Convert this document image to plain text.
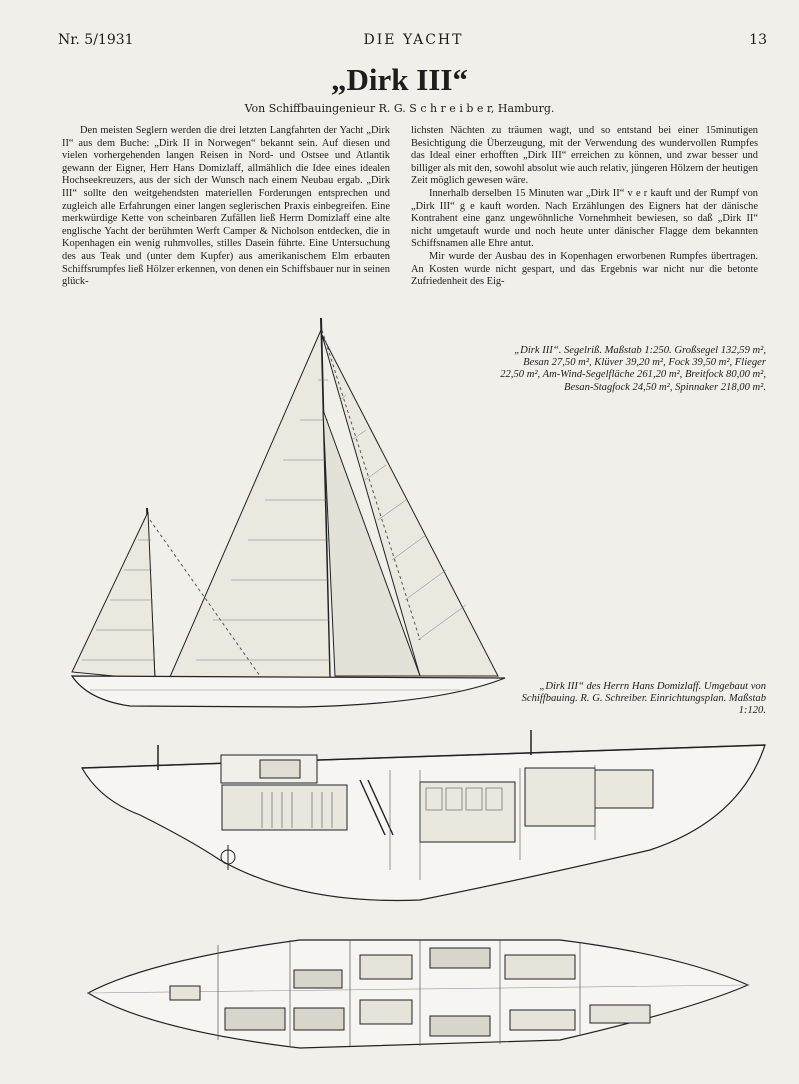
Nr. 5/1931	DIE YACHT	13
„Dirk III“
Von Schiffbauingenieur R. G. S c h r e i b e r, Hamburg.

Den meisten Seglern werden die drei letzten Langfahrten der Yacht „Dirk II“ aus dem Buche: „Dirk II in Norwegen“ bekannt sein. Auf diesen und vielen vorhergehenden langen Reisen in Nord- und Ostsee und Atlantik gewann der Eigner, Herr Hans Domizlaff, allmählich die Idee eines idealen Hochseekreuzers, aus der sich der Wunsch nach einem Neubau ergab. „Dirk III“ sollte den weitgehendsten materiellen Forderungen entsprechen und zugleich alle Erfahrungen einer langen seglerischen Praxis einbegreifen. Eine merkwürdige Kette von scheinbaren Zufällen ließ Herrn Domizlaff eine alte englische Yacht der berühmten Werft Camper & Nicholson entdecken, die in Kopenhagen ein wenig ruhmvolles, stilles Dasein führte. Eine Untersuchung des aus Teak und (unter dem Kupfer) aus amerikanischem Elm erbauten Schiffsrumpfes ließ Hölzer erkennen, von denen ein Schiffsbauer nur in seinen glück-

lichsten Nächten zu träumen wagt, und so entstand bei einer 15minutigen Besichtigung die Überzeugung, mit der Verwendung des wundervollen Rumpfes das Ideal einer erhofften „Dirk III“ erreichen zu können, und zwar besser und billiger als mit den, sowohl absolut wie auch relativ, jüngeren Hölzern der heutigen Zeit möglich gewesen wäre.

Innerhalb derselben 15 Minuten war „Dirk II“ v e r kauft und der Rumpf von „Dirk III“ g e kauft worden. Nach Erzählungen des Eigners hat der dänische Kontrahent eine ganz ungewöhnliche Vornehmheit bewiesen, so daß „Dirk II“ nicht umgetauft wurde und noch heute unter dänischer Flagge dem bekannten Schiffsnamen alle Ehre antut.

Mir wurde der Ausbau des in Kopenhagen erworbenen Rumpfes übertragen. An Kosten wurde nicht gespart, und das Ergebnis war nicht nur die betonte Zufriedenheit des Eig-

„Dirk III“. Segelriß. Maßstab 1:250. Großsegel 132,59 m², Besan 27,50 m², Klüver 39,20 m², Fock 39,50 m², Flieger 22,50 m², Am-Wind-Segelfläche 261,20 m², Breitfock 80,00 m², Besan-Stagfock 24,50 m², Spinnaker 218,00 m².
„Dirk III“ des Herrn Hans Domizlaff. Umgebaut von Schiffbauing. R. G. Schreiber. Einrichtungsplan. Maßstab 1:120.
